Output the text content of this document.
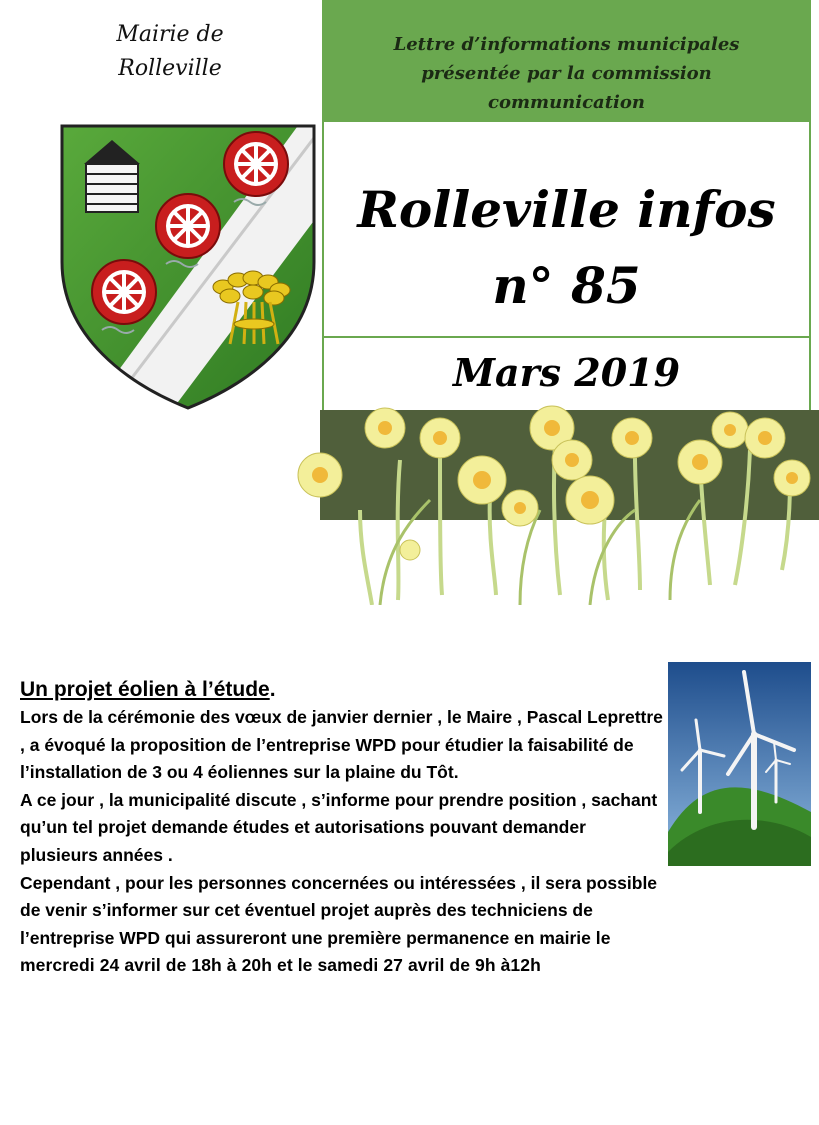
Mairie de
Rolleville
Lettre d’informations municipales
présentée par la commission
communication
Rolleville infos
n° 85
Mars 2019
Un projet éolien à l’étude.

Lors de la cérémonie des vœux de janvier dernier , le Maire , Pascal Leprettre , a évoqué la proposition de l’entreprise WPD pour étudier la faisabilité de l’installation de 3 ou 4 éoliennes sur la plaine du Tôt.

A ce jour , la municipalité discute , s’informe pour prendre position , sachant qu’un tel projet demande études et autorisations pouvant demander plusieurs années .

Cependant , pour les personnes concernées ou intéressées , il sera possible de venir s’informer sur cet éventuel projet auprès des techniciens de l’entreprise WPD qui assureront une première permanence en mairie le mercredi 24 avril de 18h à 20h et le samedi 27 avril de 9h à12h
